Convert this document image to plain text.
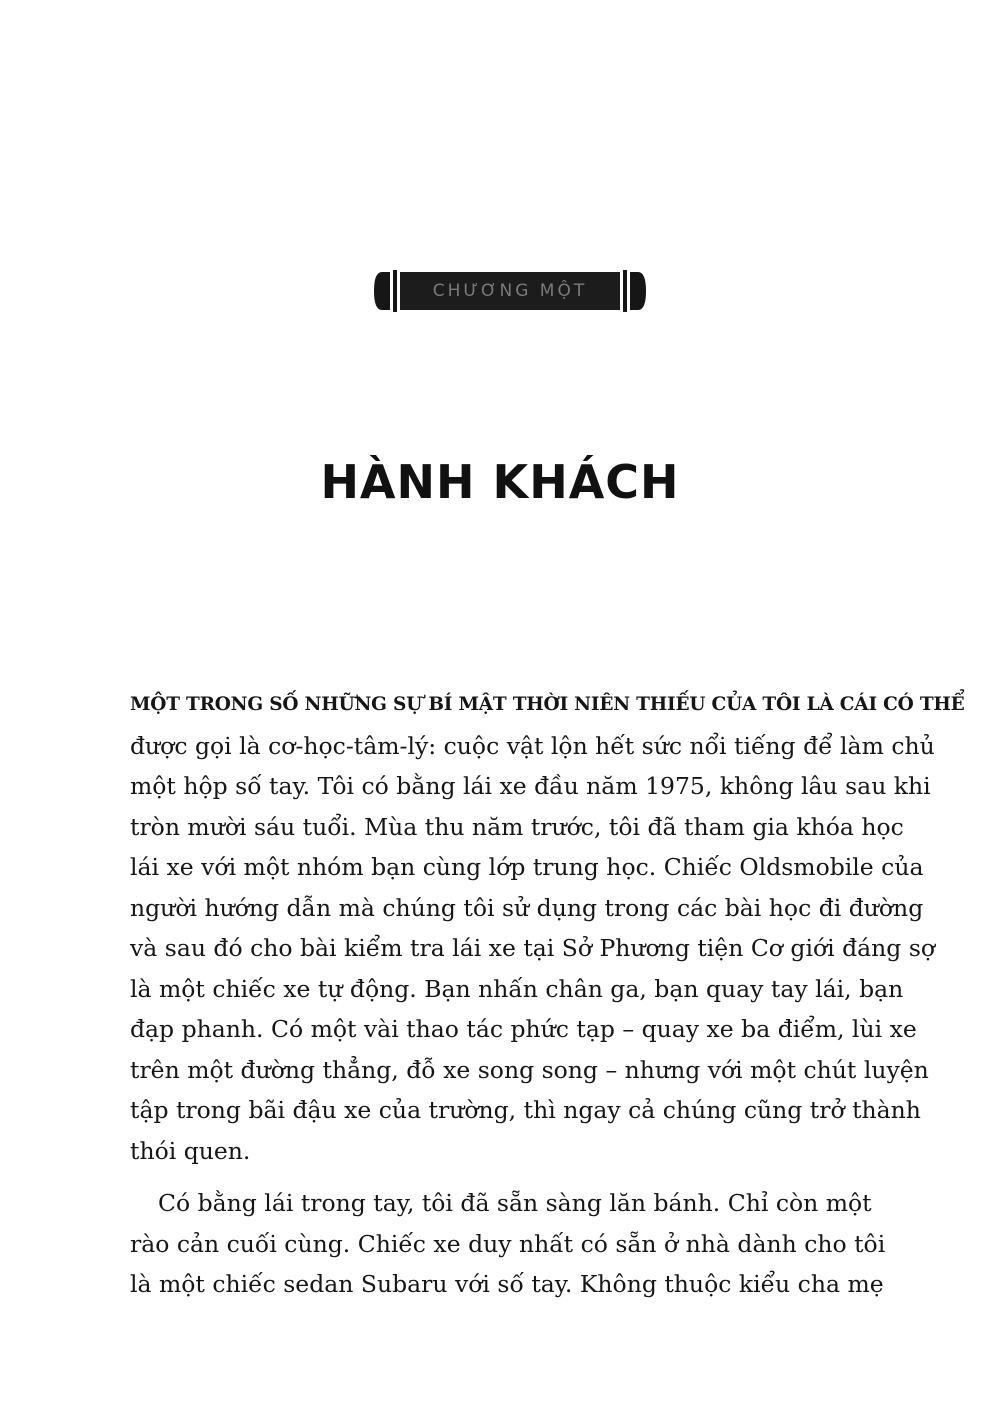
CHƯƠNG MỘT
HÀNH KHÁCH
MỘT TRONG SỐ NHỮNG SỰ BÍ MẬT THỜI NIÊN THIẾU CỦA TÔI LÀ CÁI CÓ THỂ
được gọi là cơ-học-tâm-lý: cuộc vật lộn hết sức nổi tiếng để làm chủ
một hộp số tay. Tôi có bằng lái xe đầu năm 1975, không lâu sau khi
tròn mười sáu tuổi. Mùa thu năm trước, tôi đã tham gia khóa học
lái xe với một nhóm bạn cùng lớp trung học. Chiếc Oldsmobile của
người hướng dẫn mà chúng tôi sử dụng trong các bài học đi đường
và sau đó cho bài kiểm tra lái xe tại Sở Phương tiện Cơ giới đáng sợ
là một chiếc xe tự động. Bạn nhấn chân ga, bạn quay tay lái, bạn
đạp phanh. Có một vài thao tác phức tạp – quay xe ba điểm, lùi xe
trên một đường thẳng, đỗ xe song song – nhưng với một chút luyện
tập trong bãi đậu xe của trường, thì ngay cả chúng cũng trở thành
thói quen.
Có bằng lái trong tay, tôi đã sẵn sàng lăn bánh. Chỉ còn một
rào cản cuối cùng. Chiếc xe duy nhất có sẵn ở nhà dành cho tôi
là một chiếc sedan Subaru với số tay. Không thuộc kiểu cha mẹ
